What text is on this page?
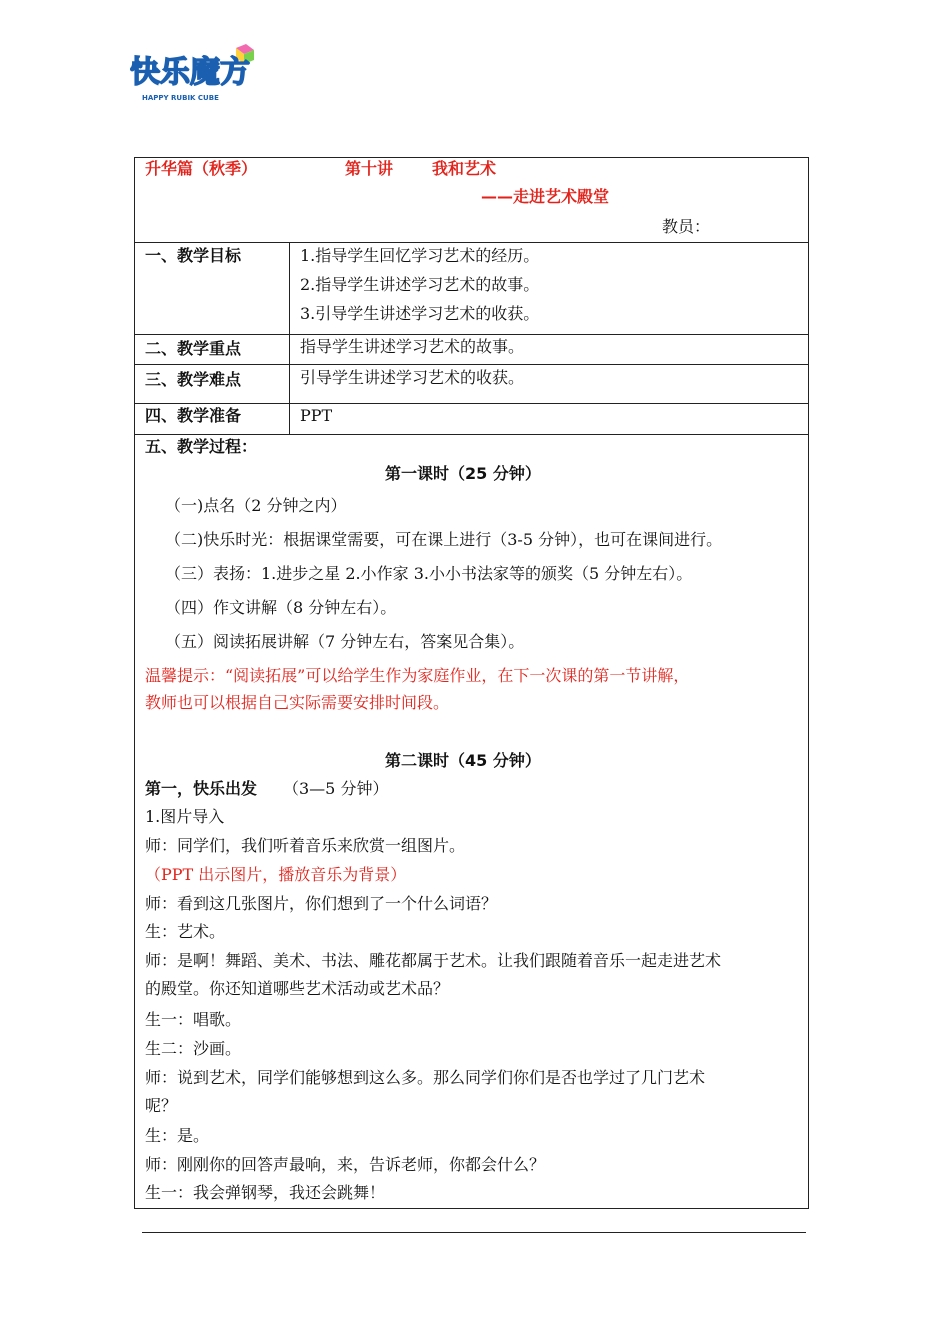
快乐魔方
HAPPY RUBIK CUBE
升华篇（秋季）	第十讲 我和艺术
——走进艺术殿堂
教员：
一、教学目标	1.指导学生回忆学习艺术的经历。
2.指导学生讲述学习艺术的故事。
3.引导学生讲述学习艺术的收获。
二、教学重点	指导学生讲述学习艺术的故事。
三、教学难点	引导学生讲述学习艺术的收获。
四、教学准备	PPT
五、教学过程：
第一课时（25 分钟）
（一)点名（2 分钟之内）
（二)快乐时光：根据课堂需要，可在课上进行（3-5 分钟），也可在课间进行。
（三）表扬：1.进步之星 2.小作家 3.小小书法家等的颁奖（5 分钟左右）。
（四）作文讲解（8 分钟左右）。
（五）阅读拓展讲解（7 分钟左右，答案见合集）。
温馨提示：“阅读拓展”可以给学生作为家庭作业，在下一次课的第一节讲解，
教师也可以根据自己实际需要安排时间段。
第二课时（45 分钟）
第一，快乐出发 （3—5 分钟）
1.图片导入
师：同学们，我们听着音乐来欣赏一组图片。
（PPT 出示图片，播放音乐为背景）
师：看到这几张图片，你们想到了一个什么词语？
生：艺术。
师：是啊！舞蹈、美术、书法、雕花都属于艺术。让我们跟随着音乐一起走进艺术
的殿堂。你还知道哪些艺术活动或艺术品？
生一：唱歌。
生二：沙画。
师：说到艺术，同学们能够想到这么多。那么同学们你们是否也学过了几门艺术
呢？
生：是。
师：刚刚你的回答声最响，来，告诉老师，你都会什么？
生一：我会弹钢琴，我还会跳舞！
